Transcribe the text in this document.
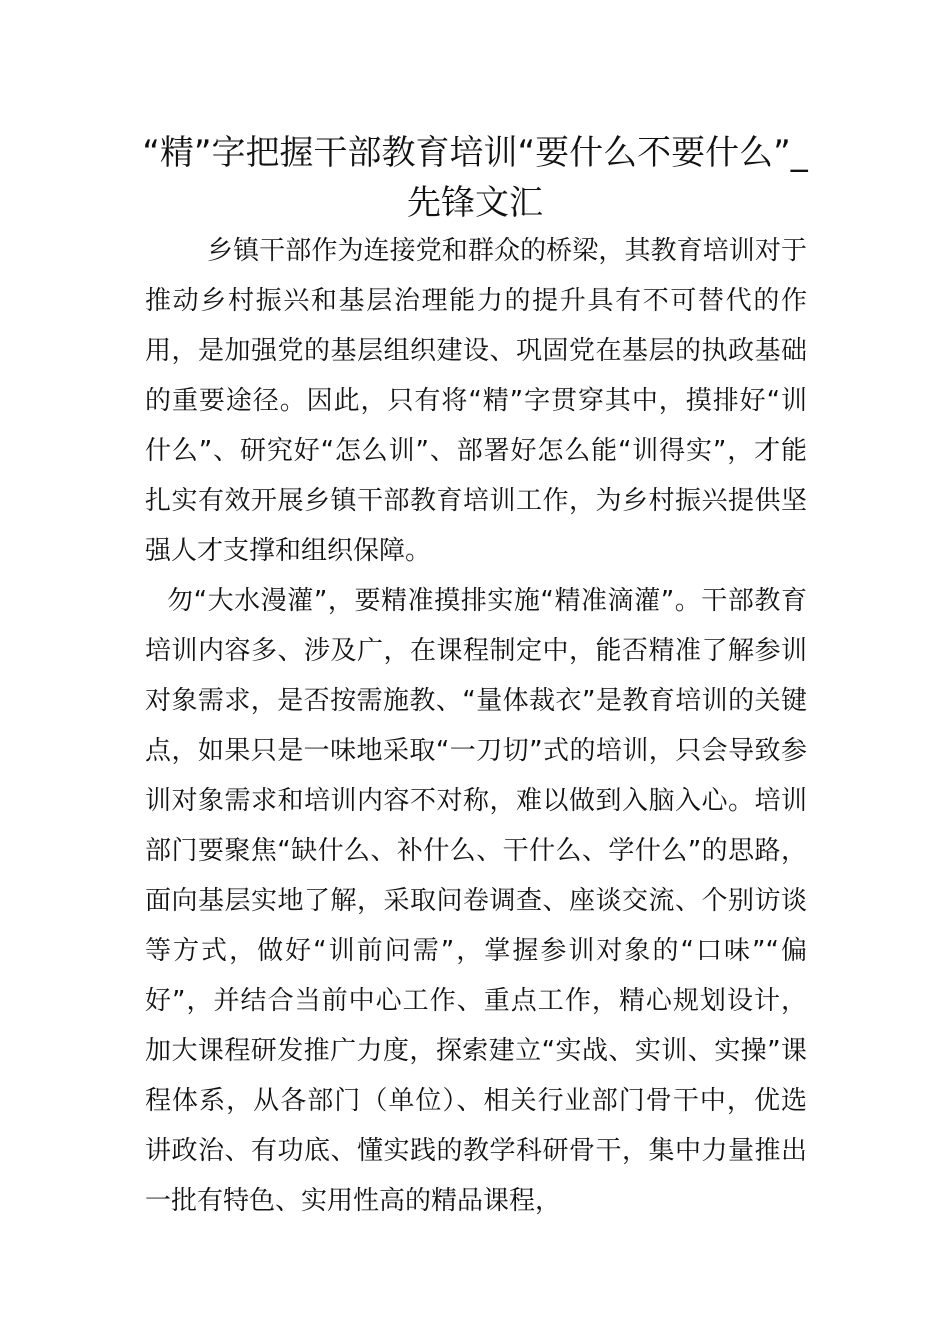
“精”字把握干部教育培训“要什么不要什么”_先锋文汇

乡镇干部作为连接党和群众的桥梁，其教育培训对于推动乡村振兴和基层治理能力的提升具有不可替代的作用，是加强党的基层组织建设、巩固党在基层的执政基础的重要途径。因此，只有将“精”字贯穿其中，摸排好“训什么”、研究好“怎么训”、部署好怎么能“训得实”，才能扎实有效开展乡镇干部教育培训工作，为乡村振兴提供坚强人才支撑和组织保障。

勿“大水漫灌”，要精准摸排实施“精准滴灌”。干部教育培训内容多、涉及广，在课程制定中，能否精准了解参训对象需求，是否按需施教、“量体裁衣”是教育培训的关键点，如果只是一味地采取“一刀切”式的培训，只会导致参训对象需求和培训内容不对称，难以做到入脑入心。培训部门要聚焦“缺什么、补什么、干什么、学什么”的思路，面向基层实地了解，采取问卷调查、座谈交流、个别访谈等方式，做好“训前问需”，掌握参训对象的“口味”“偏好”，并结合当前中心工作、重点工作，精心规划设计，加大课程研发推广力度，探索建立“实战、实训、实操”课程体系，从各部门（单位）、相关行业部门骨干中，优选讲政治、有功底、懂实践的教学科研骨干，集中力量推出一批有特色、实用性高的精品课程，
